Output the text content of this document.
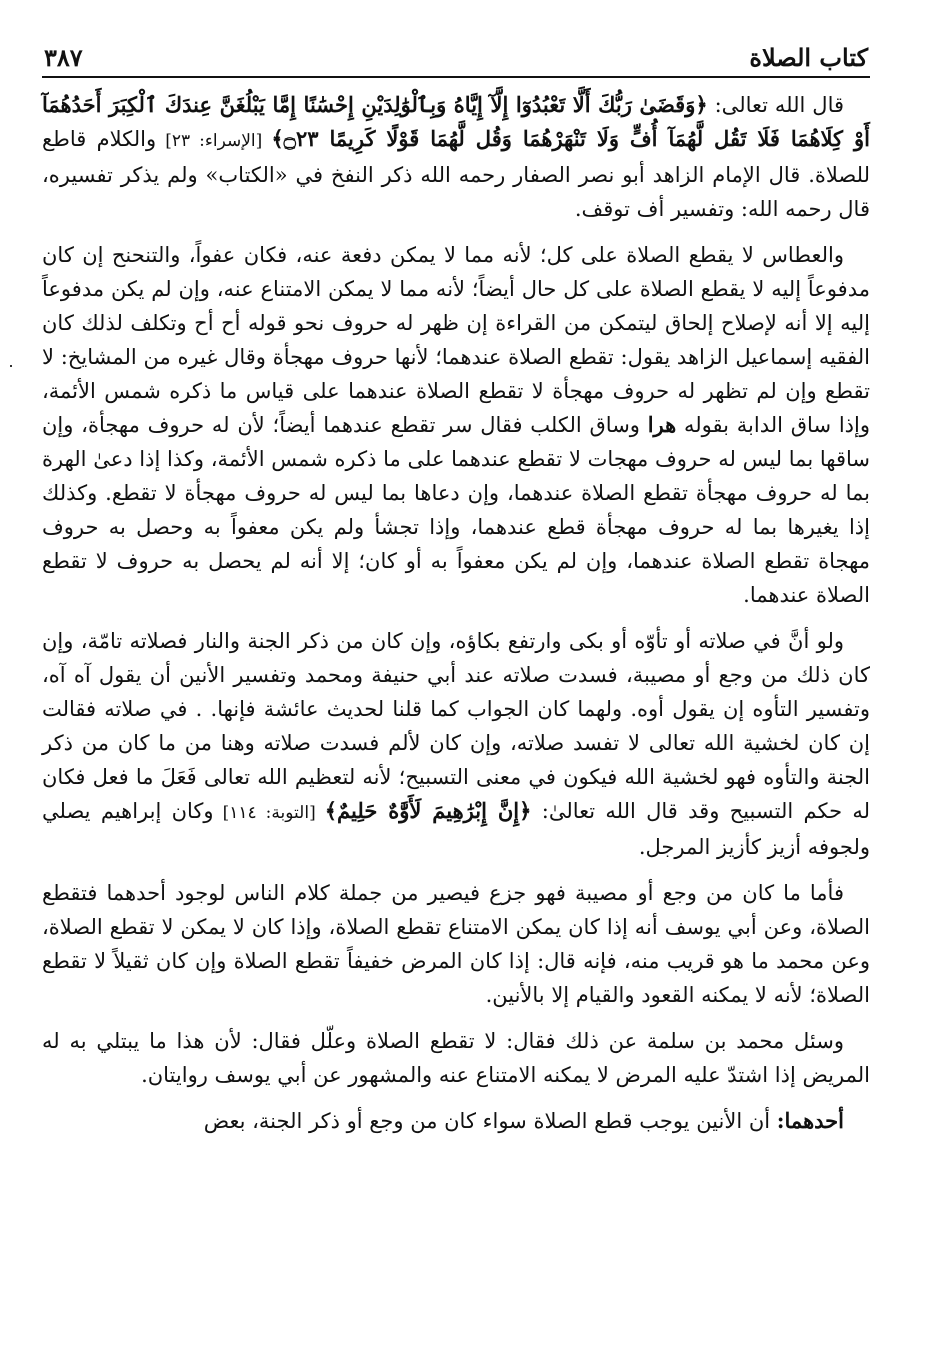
كتاب الصلاة
٣٨٧

قال الله تعالى: ﴿وَقَضَىٰ رَبُّكَ أَلَّا تَعْبُدُوٓا إِلَّآ إِيَّاهُ وَبِٱلْوَٰلِدَيْنِ إِحْسَٰنًا إِمَّا يَبْلُغَنَّ عِندَكَ ٱلْكِبَرَ أَحَدُهُمَآ أَوْ كِلَاهُمَا فَلَا تَقُل لَّهُمَآ أُفٍّ وَلَا تَنْهَرْهُمَا وَقُل لَّهُمَا قَوْلًا كَرِيمًا ۝٢٣﴾ [الإسراء: ٢٣] والكلام قاطع للصلاة. قال الإمام الزاهد أبو نصر الصفار رحمه الله ذكر النفخ في «الكتاب» ولم يذكر تفسيره، قال رحمه الله: وتفسير أف توقف.

والعطاس لا يقطع الصلاة على كل؛ لأنه مما لا يمكن دفعة عنه، فكان عفواً، والتنحنح إن كان مدفوعاً إليه لا يقطع الصلاة على كل حال أيضاً؛ لأنه مما لا يمكن الامتناع عنه، وإن لم يكن مدفوعاً إليه إلا أنه لإصلاح إلحاق ليتمكن من القراءة إن ظهر له حروف نحو قوله أح أح وتكلف لذلك كان الفقيه إسماعيل الزاهد يقول: تقطع الصلاة عندهما؛ لأنها حروف مهجأة وقال غيره من المشايخ: لا تقطع وإن لم تظهر له حروف مهجأة لا تقطع الصلاة عندهما على قياس ما ذكره شمس الأئمة، وإذا ساق الدابة بقوله هرا وساق الكلب فقال سر تقطع عندهما أيضاً؛ لأن له حروف مهجأة، وإن ساقها بما ليس له حروف مهجات لا تقطع عندهما على ما ذكره شمس الأئمة، وكذا إذا دعىٰ الهرة بما له حروف مهجأة تقطع الصلاة عندهما، وإن دعاها بما ليس له حروف مهجأة لا تقطع. وكذلك إذا يغيرها بما له حروف مهجأة قطع عندهما، وإذا تجشأ ولم يكن معفواً به وحصل به حروف مهجاة تقطع الصلاة عندهما، وإن لم يكن معفواً به أو كان؛ إلا أنه لم يحصل به حروف لا تقطع الصلاة عندهما.

ولو أنَّ في صلاته أو تأوّه أو بكى وارتفع بكاؤه، وإن كان من ذكر الجنة والنار فصلاته تامّة، وإن كان ذلك من وجع أو مصيبة، فسدت صلاته عند أبي حنيفة ومحمد وتفسير الأنين أن يقول آه آه، وتفسير التأوه إن يقول أوه. ولهما كان الجواب كما قلنا لحديث عائشة فإنها. . في صلاته فقالت إن كان لخشية الله تعالى لا تفسد صلاته، وإن كان لألم فسدت صلاته وهنا من ما كان من ذكر الجنة والتأوه فهو لخشية الله فيكون في معنى التسبيح؛ لأنه لتعظيم الله تعالى فَعَلَ ما فعل فكان له حكم التسبيح وقد قال الله تعالىٰ: ﴿إِنَّ إِبْرَٰهِيمَ لَأَوَّٰهٌ حَلِيمٌ﴾ [التوبة: ١١٤] وكان إبراهيم يصلي ولجوفه أزيز كأزيز المرجل.

فأما ما كان من وجع أو مصيبة فهو جزع فيصير من جملة كلام الناس لوجود أحدهما فتقطع الصلاة، وعن أبي يوسف أنه إذا كان يمكن الامتناع تقطع الصلاة، وإذا كان لا يمكن لا تقطع الصلاة، وعن محمد ما هو قريب منه، فإنه قال: إذا كان المرض خفيفاً تقطع الصلاة وإن كان ثقيلاً لا تقطع الصلاة؛ لأنه لا يمكنه القعود والقيام إلا بالأنين.

وسئل محمد بن سلمة عن ذلك فقال: لا تقطع الصلاة وعلّل فقال: لأن هذا ما يبتلي به له المريض إذا اشتدّ عليه المرض لا يمكنه الامتناع عنه والمشهور عن أبي يوسف روايتان.

أحدهما: أن الأنين يوجب قطع الصلاة سواء كان من وجع أو ذكر الجنة، بعض
